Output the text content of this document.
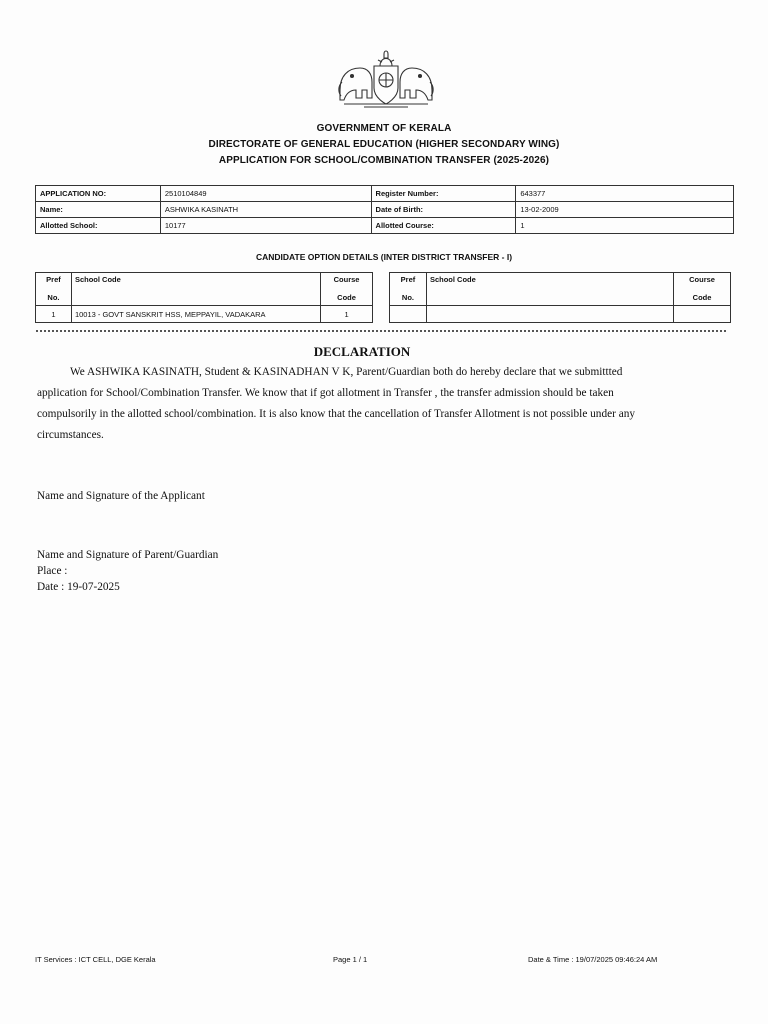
GOVERNMENT OF KERALA
DIRECTORATE OF GENERAL EDUCATION (HIGHER SECONDARY WING)
APPLICATION FOR SCHOOL/COMBINATION TRANSFER (2025-2026)
APPLICATION NO:	2510104849	Register Number:	643377
Name:	ASHWIKA KASINATH	Date of Birth:	13-02-2009
Allotted School:	10177	Allotted Course:	1
CANDIDATE OPTION DETAILS (INTER DISTRICT TRANSFER - I)
Pref

No.	School Code	Course

Code
1	10013 - GOVT SANSKRIT HSS, MEPPAYIL, VADAKARA	1
Pref

No.	School Code	Course

Code

DECLARATION
We ASHWIKA KASINATH, Student & KASINADHAN V K, Parent/Guardian both do hereby declare that we submittted
application for School/Combination Transfer. We know that if got allotment in Transfer , the transfer admission should be taken
compulsorily in the allotted school/combination. It is also know that the cancellation of Transfer Allotment is not possible under any
circumstances.
Name and Signature of the Applicant
Name and Signature of Parent/Guardian
Place :
Date : 19-07-2025
IT Services : ICT CELL, DGE Kerala	Page 1 / 1	Date & Time : 19/07/2025 09:46:24 AM
